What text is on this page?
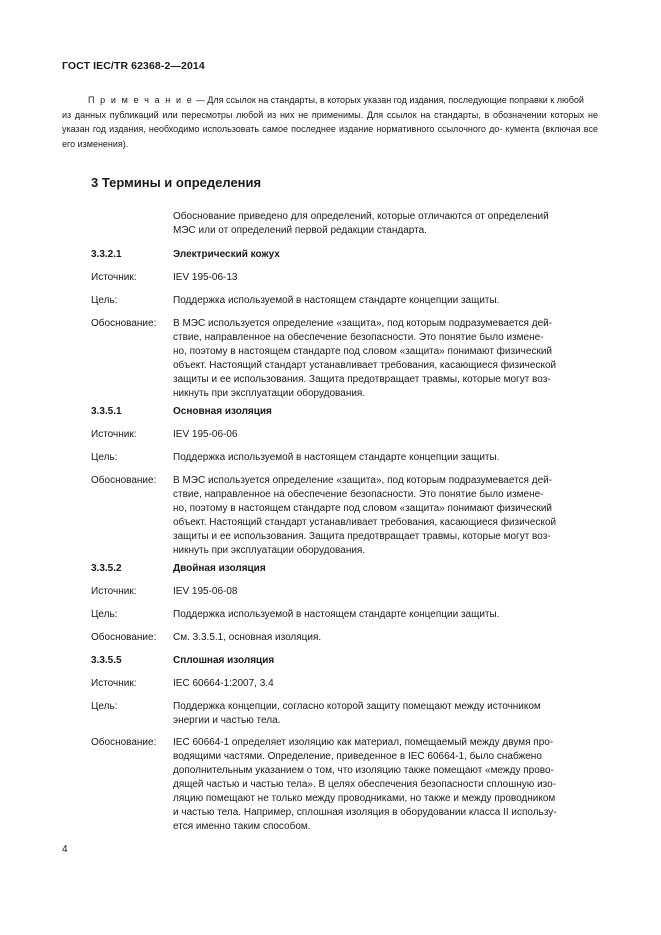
ГОСТ IEC/TR 62368-2—2014
П р и м е ч а н и е — Для ссылок на стандарты, в которых указан год издания, последующие поправки к любой
из данных публикаций или пересмотры любой из них не применимы. Для ссылок на стандарты, в обозначении которых не указан год издания, необходимо использовать самое последнее издание нормативного ссылочного до- кумента (включая все его изменения).
3 Термины и определения
Обоснование приведено для определений, которые отличаются от определений
МЭС или от определений первой редакции стандарта.
3.3.2.1	Электрический кожух
Источник:	IEV 195-06-13
Цель:	Поддержка используемой в настоящем стандарте концепции защиты.
Обоснование: В МЭС используется определение «защита», под которым подразумевается дей-
ствие, направленное на обеспечение безопасности. Это понятие было измене-
но, поэтому в настоящем стандарте под словом «защита» понимают физический
объект. Настоящий стандарт устанавливает требования, касающиеся физической
защиты и ее использования. Защита предотвращает травмы, которые могут воз-
никнуть при эксплуатации оборудования.
3.3.5.1	Основная изоляция
Источник:	IEV 195-06-06
Цель:	Поддержка используемой в настоящем стандарте концепции защиты.
Обоснование: В МЭС используется определение «защита», под которым подразумевается дей-
ствие, направленное на обеспечение безопасности. Это понятие было измене-
но, поэтому в настоящем стандарте под словом «защита» понимают физический
объект. Настоящий стандарт устанавливает требования, касающиеся физической
защиты и ее использования. Защита предотвращает травмы, которые могут воз-
никнуть при эксплуатации оборудования.
3.3.5.2	Двойная изоляция
Источник:	IEV 195-06-08
Цель:	Поддержка используемой в настоящем стандарте концепции защиты.
Обоснование: См. 3.3.5.1, основная изоляция.
3.3.5.5	Сплошная изоляция
Источник:	IEC 60664-1:2007, 3.4
Цель:	Поддержка концепции, согласно которой защиту помещают между источником
энергии и частью тела.
Обоснование: IEC 60664-1 определяет изоляцию как материал, помещаемый между двумя про-
водящими частями. Определение, приведенное в IEC 60664-1, было снабжено
дополнительным указанием о том, что изоляцию также помещают «между прово-
дящей частью и частью тела». В целях обеспечения безопасности сплошную изо-
ляцию помещают не только между проводниками, но также и между проводником
и частью тела. Например, сплошная изоляция в оборудовании класса II использу-
ется именно таким способом.
4
